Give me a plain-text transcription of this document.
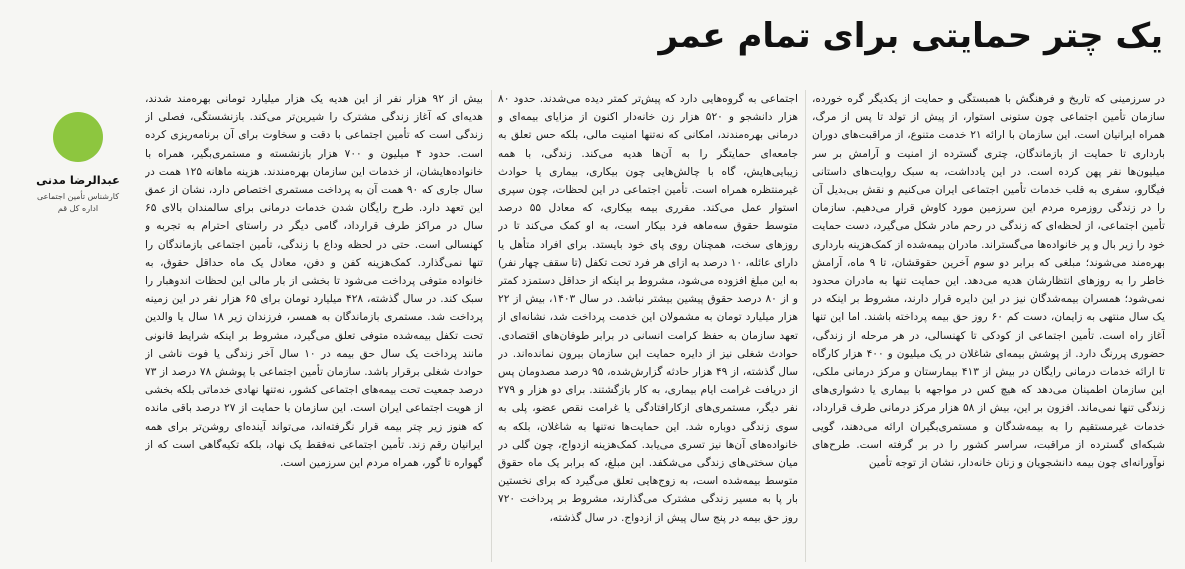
یک چتر حمایتی برای تمام عمر

در سرزمینی که تاریخ و فرهنگش با همبستگی و حمایت از یکدیگر گره خورده، سازمان تأمین اجتماعی چون ستونی استوار، از پیش از تولد تا پس از مرگ، همراه ایرانیان است. این سازمان با ارائه ۲۱ خدمت متنوع، از مراقبت‌های دوران بارداری تا حمایت از بازماندگان، چتری گسترده از امنیت و آرامش بر سر میلیون‌ها نفر پهن کرده است. در این یادداشت، به سبک روایت‌های داستانی فیگارو، سفری به قلب خدمات تأمین اجتماعی ایران می‌کنیم و نقش بی‌بدیل آن را در زندگی روزمره مردم این سرزمین مورد کاوش قرار می‌دهیم. سازمان تأمین اجتماعی، از لحظه‌ای که زندگی در رحم مادر شکل می‌گیرد، دست حمایت خود را زیر بال و پر خانواده‌ها می‌گستراند. مادران بیمه‌شده از کمک‌هزینه بارداری بهره‌مند می‌شوند؛ مبلغی که برابر دو سوم آخرین حقوقشان، تا ۹ ماه، آرامش خاطر را به روزهای انتظارشان هدیه می‌دهد. این حمایت تنها به مادران محدود نمی‌شود؛ همسران بیمه‌شدگان نیز در این دایره قرار دارند، مشروط بر اینکه در یک سال منتهی به زایمان، دست کم ۶۰ روز حق بیمه پرداخته باشند. اما این تنها آغاز راه است. تأمین اجتماعی از کودکی تا کهنسالی، در هر مرحله از زندگی، حضوری پررنگ دارد. از پوشش بیمه‌ای شاغلان در یک میلیون و ۴۰۰ هزار کارگاه تا ارائه خدمات درمانی رایگان در بیش از ۴۱۳ بیمارستان و مرکز درمانی ملکی، این سازمان اطمینان می‌دهد که هیچ کس در مواجهه با بیماری یا دشواری‌های زندگی تنها نمی‌ماند. افزون بر این، بیش از ۵۸ هزار مرکز درمانی طرف قرارداد، خدمات غیرمستقیم را به بیمه‌شدگان و مستمری‌بگیران ارائه می‌دهند، گویی شبکه‌ای گسترده از مراقبت، سراسر کشور را در بر گرفته است. طرح‌های نوآورانه‌ای چون بیمه دانشجویان و زنان خانه‌دار، نشان از توجه تأمین

اجتماعی به گروه‌هایی دارد که پیش‌تر کمتر دیده می‌شدند. حدود ۸۰ هزار دانشجو و ۵۲۰ هزار زن خانه‌دار اکنون از مزایای بیمه‌ای و درمانی بهره‌مندند، امکانی که نه‌تنها امنیت مالی، بلکه حس تعلق به جامعه‌ای حمایتگر را به آن‌ها هدیه می‌کند. زندگی، با همه زیبایی‌هایش، گاه با چالش‌هایی چون بیکاری، بیماری یا حوادث غیرمنتظره همراه است. تأمین اجتماعی در این لحظات، چون سپری استوار عمل می‌کند. مقرری بیمه بیکاری، که معادل ۵۵ درصد متوسط حقوق سه‌ماهه فرد بیکار است، به او کمک می‌کند تا در روزهای سخت، همچنان روی پای خود بایستد. برای افراد متأهل یا دارای عائله، ۱۰ درصد به ازای هر فرد تحت تکفل (تا سقف چهار نفر) به این مبلغ افزوده می‌شود، مشروط بر اینکه از حداقل دستمزد کمتر و از ۸۰ درصد حقوق پیشین بیشتر نباشد. در سال ۱۴۰۳، بیش از ۲۲ هزار میلیارد تومان به مشمولان این خدمت پرداخت شد، نشانه‌ای از تعهد سازمان به حفظ کرامت انسانی در برابر طوفان‌های اقتصادی. حوادث شغلی نیز از دایره حمایت این سازمان بیرون نمانده‌اند. در سال گذشته، از ۴۹ هزار حادثه گزارش‌شده، ۹۵ درصد مصدومان پس از دریافت غرامت ایام بیماری، به کار بازگشتند. برای دو هزار و ۲۷۹ نفر دیگر، مستمری‌های ازکارافتادگی یا غرامت نقص عضو، پلی به سوی زندگی دوباره شد. این حمایت‌ها نه‌تنها به شاغلان، بلکه به خانواده‌های آن‌ها نیز تسری می‌یابد. کمک‌هزینه ازدواج، چون گلی در میان سختی‌های زندگی می‌شکفد. این مبلغ، که برابر یک ماه حقوق متوسط بیمه‌شده است، به زوج‌هایی تعلق می‌گیرد که برای نخستین بار پا به مسیر زندگی مشترک می‌گذارند، مشروط بر پرداخت ۷۲۰ روز حق بیمه در پنج سال پیش از ازدواج. در سال گذشته،

بیش از ۹۲ هزار نفر از این هدیه یک هزار میلیارد تومانی بهره‌مند شدند، هدیه‌ای که آغاز زندگی مشترک را شیرین‌تر می‌کند. بازنشستگی، فصلی از زندگی است که تأمین اجتماعی با دقت و سخاوت برای آن برنامه‌ریزی کرده است. حدود ۴ میلیون و ۷۰۰ هزار بازنشسته و مستمری‌بگیر، همراه با خانواده‌هایشان، از خدمات این سازمان بهره‌مندند. هزینه ماهانه ۱۲۵ همت در سال جاری که ۹۰ همت آن به پرداخت مستمری اختصاص دارد، نشان از عمق این تعهد دارد. طرح رایگان شدن خدمات درمانی برای سالمندان بالای ۶۵ سال در مراکز طرف قرارداد، گامی دیگر در راستای احترام به تجربه و کهنسالی است. حتی در لحظه وداع با زندگی، تأمین اجتماعی بازماندگان را تنها نمی‌گذارد. کمک‌هزینه کفن و دفن، معادل یک ماه حداقل حقوق، به خانواده متوفی پرداخت می‌شود تا بخشی از بار مالی این لحظات اندوهبار را سبک کند. در سال گذشته، ۴۲۸ میلیارد تومان برای ۶۵ هزار نفر در این زمینه پرداخت شد. مستمری بازماندگان به همسر، فرزندان زیر ۱۸ سال یا والدین تحت تکفل بیمه‌شده متوفی تعلق می‌گیرد، مشروط بر اینکه شرایط قانونی مانند پرداخت یک سال حق بیمه در ۱۰ سال آخر زندگی یا فوت ناشی از حوادث شغلی برقرار باشد. سازمان تأمین اجتماعی با پوشش ۷۸ درصد از ۷۳ درصد جمعیت تحت بیمه‌های اجتماعی کشور، نه‌تنها نهادی خدماتی بلکه بخشی از هویت اجتماعی ایران است. این سازمان با حمایت از ۲۷ درصد باقی مانده که هنوز زیر چتر بیمه قرار نگرفته‌اند، می‌تواند آینده‌ای روشن‌تر برای همه ایرانیان رقم زند. تأمین اجتماعی نه‌فقط یک نهاد، بلکه تکیه‌گاهی است که از گهواره تا گور، همراه مردم این سرزمین است.

عبدالرضا مدنی
کارشناس تأمین اجتماعی اداره کل قم
